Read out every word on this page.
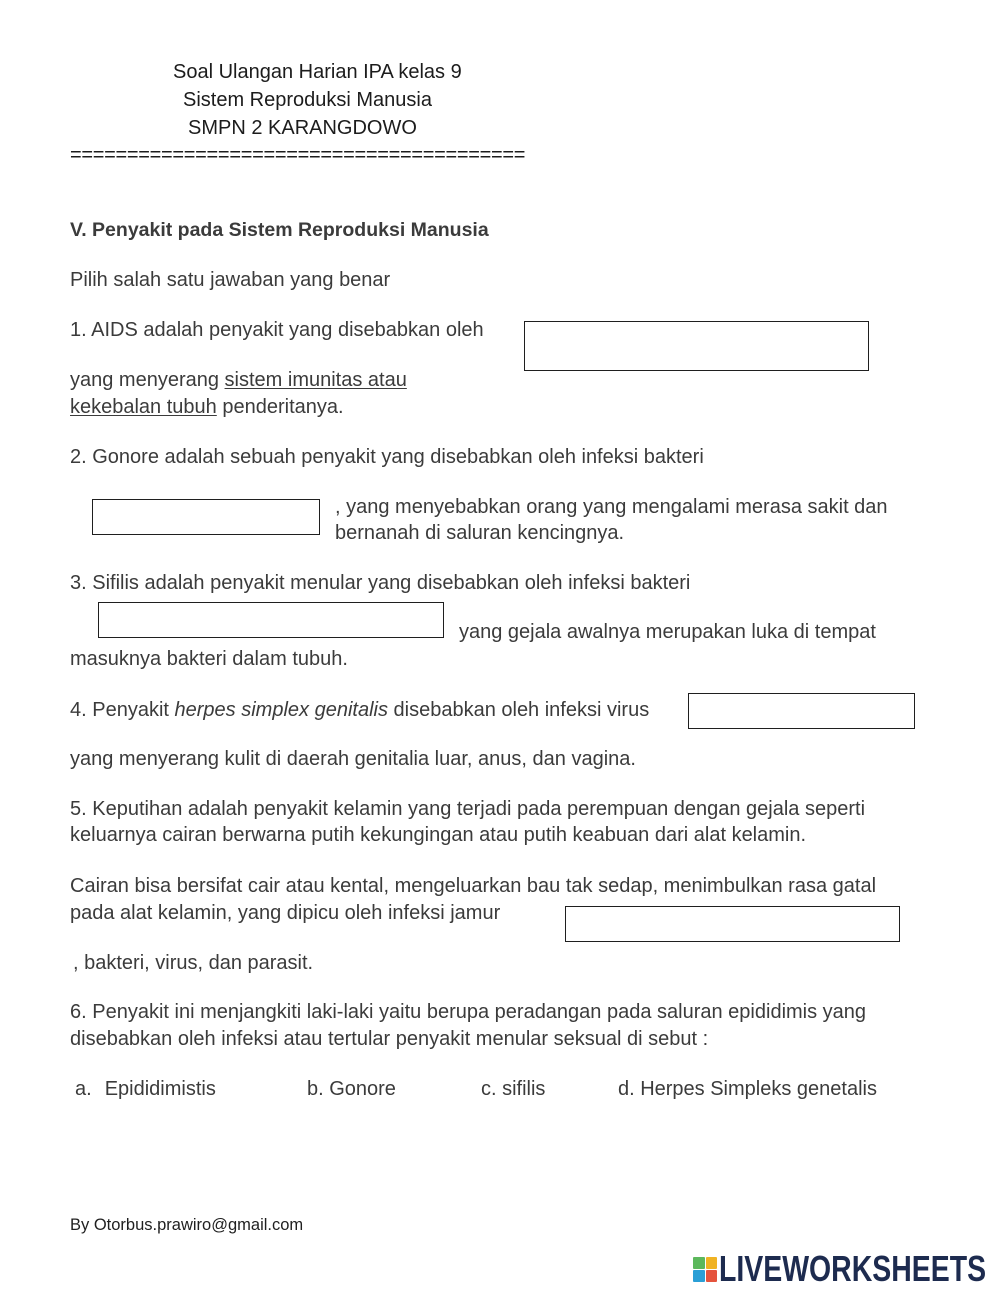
Soal Ulangan Harian IPA kelas 9
Sistem Reproduksi Manusia
SMPN 2 KARANGDOWO
========================================
V. Penyakit pada Sistem Reproduksi Manusia
Pilih salah satu jawaban yang benar
1. AIDS adalah penyakit yang disebabkan oleh
yang menyerang sistem imunitas atau
kekebalan tubuh penderitanya.
2. Gonore adalah sebuah penyakit yang disebabkan oleh infeksi bakteri
, yang menyebabkan orang yang mengalami merasa sakit dan
bernanah di saluran kencingnya.
3. Sifilis adalah penyakit menular yang disebabkan oleh infeksi bakteri
yang gejala awalnya merupakan luka di tempat
masuknya bakteri dalam tubuh.
4. Penyakit herpes simplex genitalis disebabkan oleh infeksi virus
yang menyerang kulit di daerah genitalia luar, anus, dan vagina.
5. Keputihan adalah penyakit kelamin yang terjadi pada perempuan dengan gejala seperti
keluarnya cairan berwarna putih kekungingan atau putih keabuan dari alat kelamin.
Cairan bisa bersifat cair atau kental, mengeluarkan bau tak sedap, menimbulkan rasa gatal
pada alat kelamin, yang dipicu oleh infeksi jamur
, bakteri, virus, dan parasit.
6. Penyakit ini menjangkiti laki-laki yaitu berupa peradangan pada saluran epididimis yang
disebabkan oleh infeksi atau tertular penyakit menular seksual di sebut :
a. Epididimistis	b. Gonore	c. sifilis	d. Herpes Simpleks genetalis
By Otorbus.prawiro@gmail.com
LIVEWORKSHEETS
